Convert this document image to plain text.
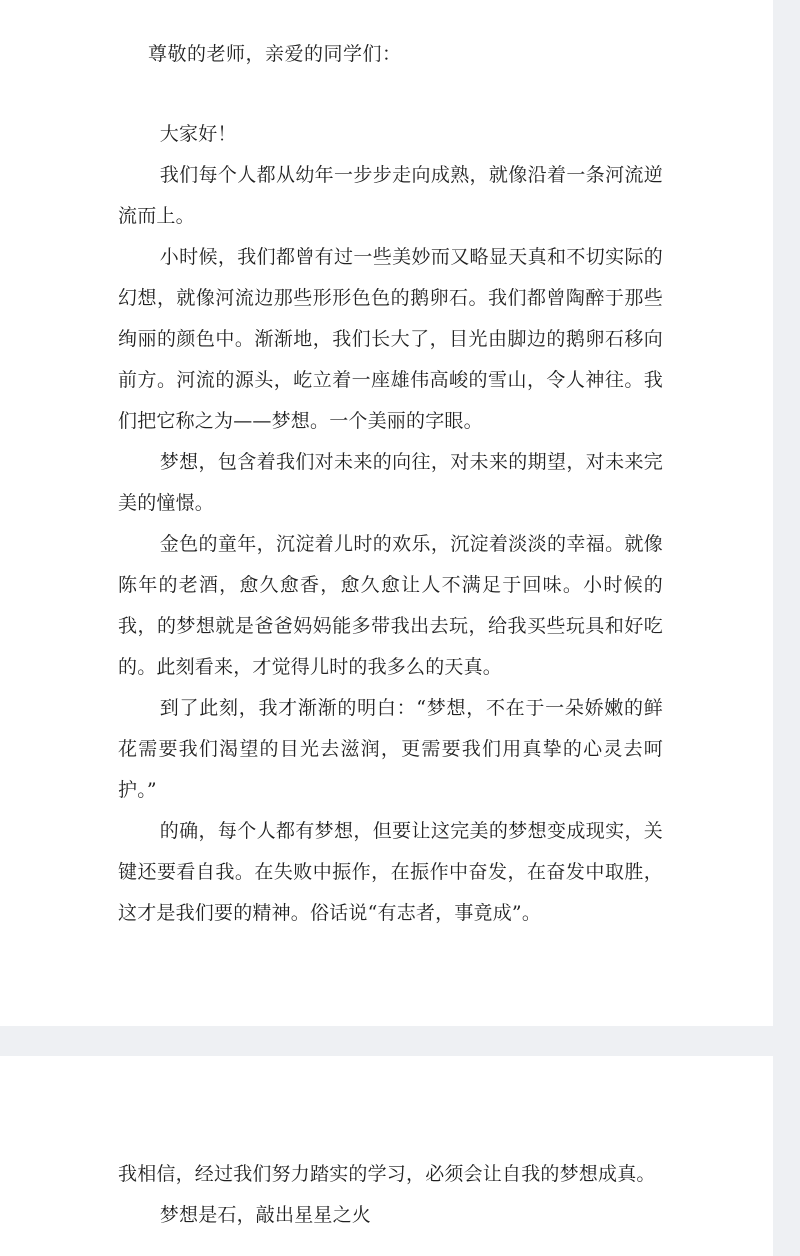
尊敬的老师，亲爱的同学们：

大家好！

我们每个人都从幼年一步步走向成熟，就像沿着一条河流逆流而上。

小时候，我们都曾有过一些美妙而又略显天真和不切实际的幻想，就像河流边那些形形色色的鹅卵石。我们都曾陶醉于那些绚丽的颜色中。渐渐地，我们长大了，目光由脚边的鹅卵石移向前方。河流的源头，屹立着一座雄伟高峻的雪山，令人神往。我们把它称之为——梦想。一个美丽的字眼。

梦想，包含着我们对未来的向往，对未来的期望，对未来完美的憧憬。

金色的童年，沉淀着儿时的欢乐，沉淀着淡淡的幸福。就像陈年的老酒，愈久愈香，愈久愈让人不满足于回味。小时候的我，的梦想就是爸爸妈妈能多带我出去玩，给我买些玩具和好吃的。此刻看来，才觉得儿时的我多么的天真。

到了此刻，我才渐渐的明白：“梦想，不在于一朵娇嫩的鲜花需要我们渴望的目光去滋润，更需要我们用真挚的心灵去呵护。”

的确，每个人都有梦想，但要让这完美的梦想变成现实，关键还要看自我。在失败中振作，在振作中奋发，在奋发中取胜，这才是我们要的精神。俗话说“有志者，事竟成”。

我相信，经过我们努力踏实的学习，必须会让自我的梦想成真。

梦想是石，敲出星星之火
